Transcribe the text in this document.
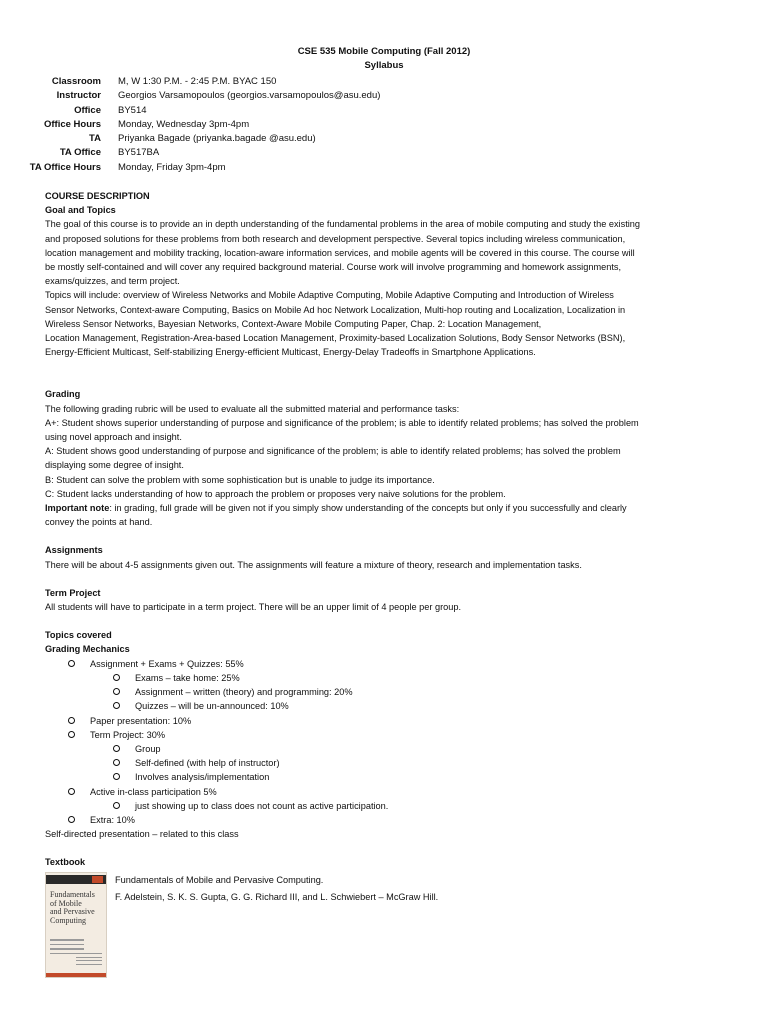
CSE 535 Mobile Computing (Fall 2012)
Syllabus
Classroom	M, W 1:30 P.M. - 2:45 P.M. BYAC 150
Instructor	Georgios Varsamopoulos (georgios.varsamopoulos@asu.edu)
Office	BY514
Office Hours	Monday, Wednesday 3pm-4pm
TA	Priyanka Bagade (priyanka.bagade @asu.edu)
TA Office	BY517BA
TA Office Hours	Monday, Friday 3pm-4pm
COURSE DESCRIPTION
Goal and Topics
The goal of this course is to provide an in depth understanding of the fundamental problems in the area of mobile computing and study the existing
and proposed solutions for these problems from both research and development perspective. Several topics including wireless communication,
location management and mobility tracking, location-aware information services, and mobile agents will be covered in this course. The course will
be mostly self-contained and will cover any required background material. Course work will involve programming and homework assignments,
exams/quizzes, and term project.
Topics will include: overview of Wireless Networks and Mobile Adaptive Computing, Mobile Adaptive Computing and Introduction of Wireless
Sensor Networks, Context-aware Computing, Basics on Mobile Ad hoc Network Localization, Multi-hop routing and Localization, Localization in
Wireless Sensor Networks, Bayesian Networks, Context-Aware Mobile Computing Paper, Chap. 2: Location Management,
Location Management, Registration-Area-based Location Management, Proximity-based Localization Solutions, Body Sensor Networks (BSN),
Energy-Efficient Multicast, Self-stabilizing Energy-efficient Multicast, Energy-Delay Tradeoffs in Smartphone Applications.
Grading
The following grading rubric will be used to evaluate all the submitted material and performance tasks:
A+: Student shows superior understanding of purpose and significance of the problem; is able to identify related problems; has solved the problem
using novel approach and insight.
A: Student shows good understanding of purpose and significance of the problem; is able to identify related problems; has solved the problem
displaying some degree of insight.
B: Student can solve the problem with some sophistication but is unable to judge its importance.
C: Student lacks understanding of how to approach the problem or proposes very naive solutions for the problem.
Important note: in grading, full grade will be given not if you simply show understanding of the concepts but only if you successfully and clearly
convey the points at hand.
Assignments
There will be about 4-5 assignments given out. The assignments will feature a mixture of theory, research and implementation tasks.
Term Project
All students will have to participate in a term project. There will be an upper limit of 4 people per group.
Topics covered
Grading Mechanics
Assignment + Exams + Quizzes: 55%
Exams – take home: 25%
Assignment – written (theory) and programming: 20%
Quizzes – will be un-announced: 10%
Paper presentation: 10%
Term Project: 30%
Group
Self-defined (with help of instructor)
Involves analysis/implementation
Active in-class participation 5%
just showing up to class does not count as active participation.
Extra: 10%
Self-directed presentation – related to this class
Textbook
Fundamentals
of Mobile
and Pervasive
Computing
Fundamentals of Mobile and Pervasive Computing.
F. Adelstein, S. K. S. Gupta, G. G. Richard III, and L. Schwiebert – McGraw Hill.
